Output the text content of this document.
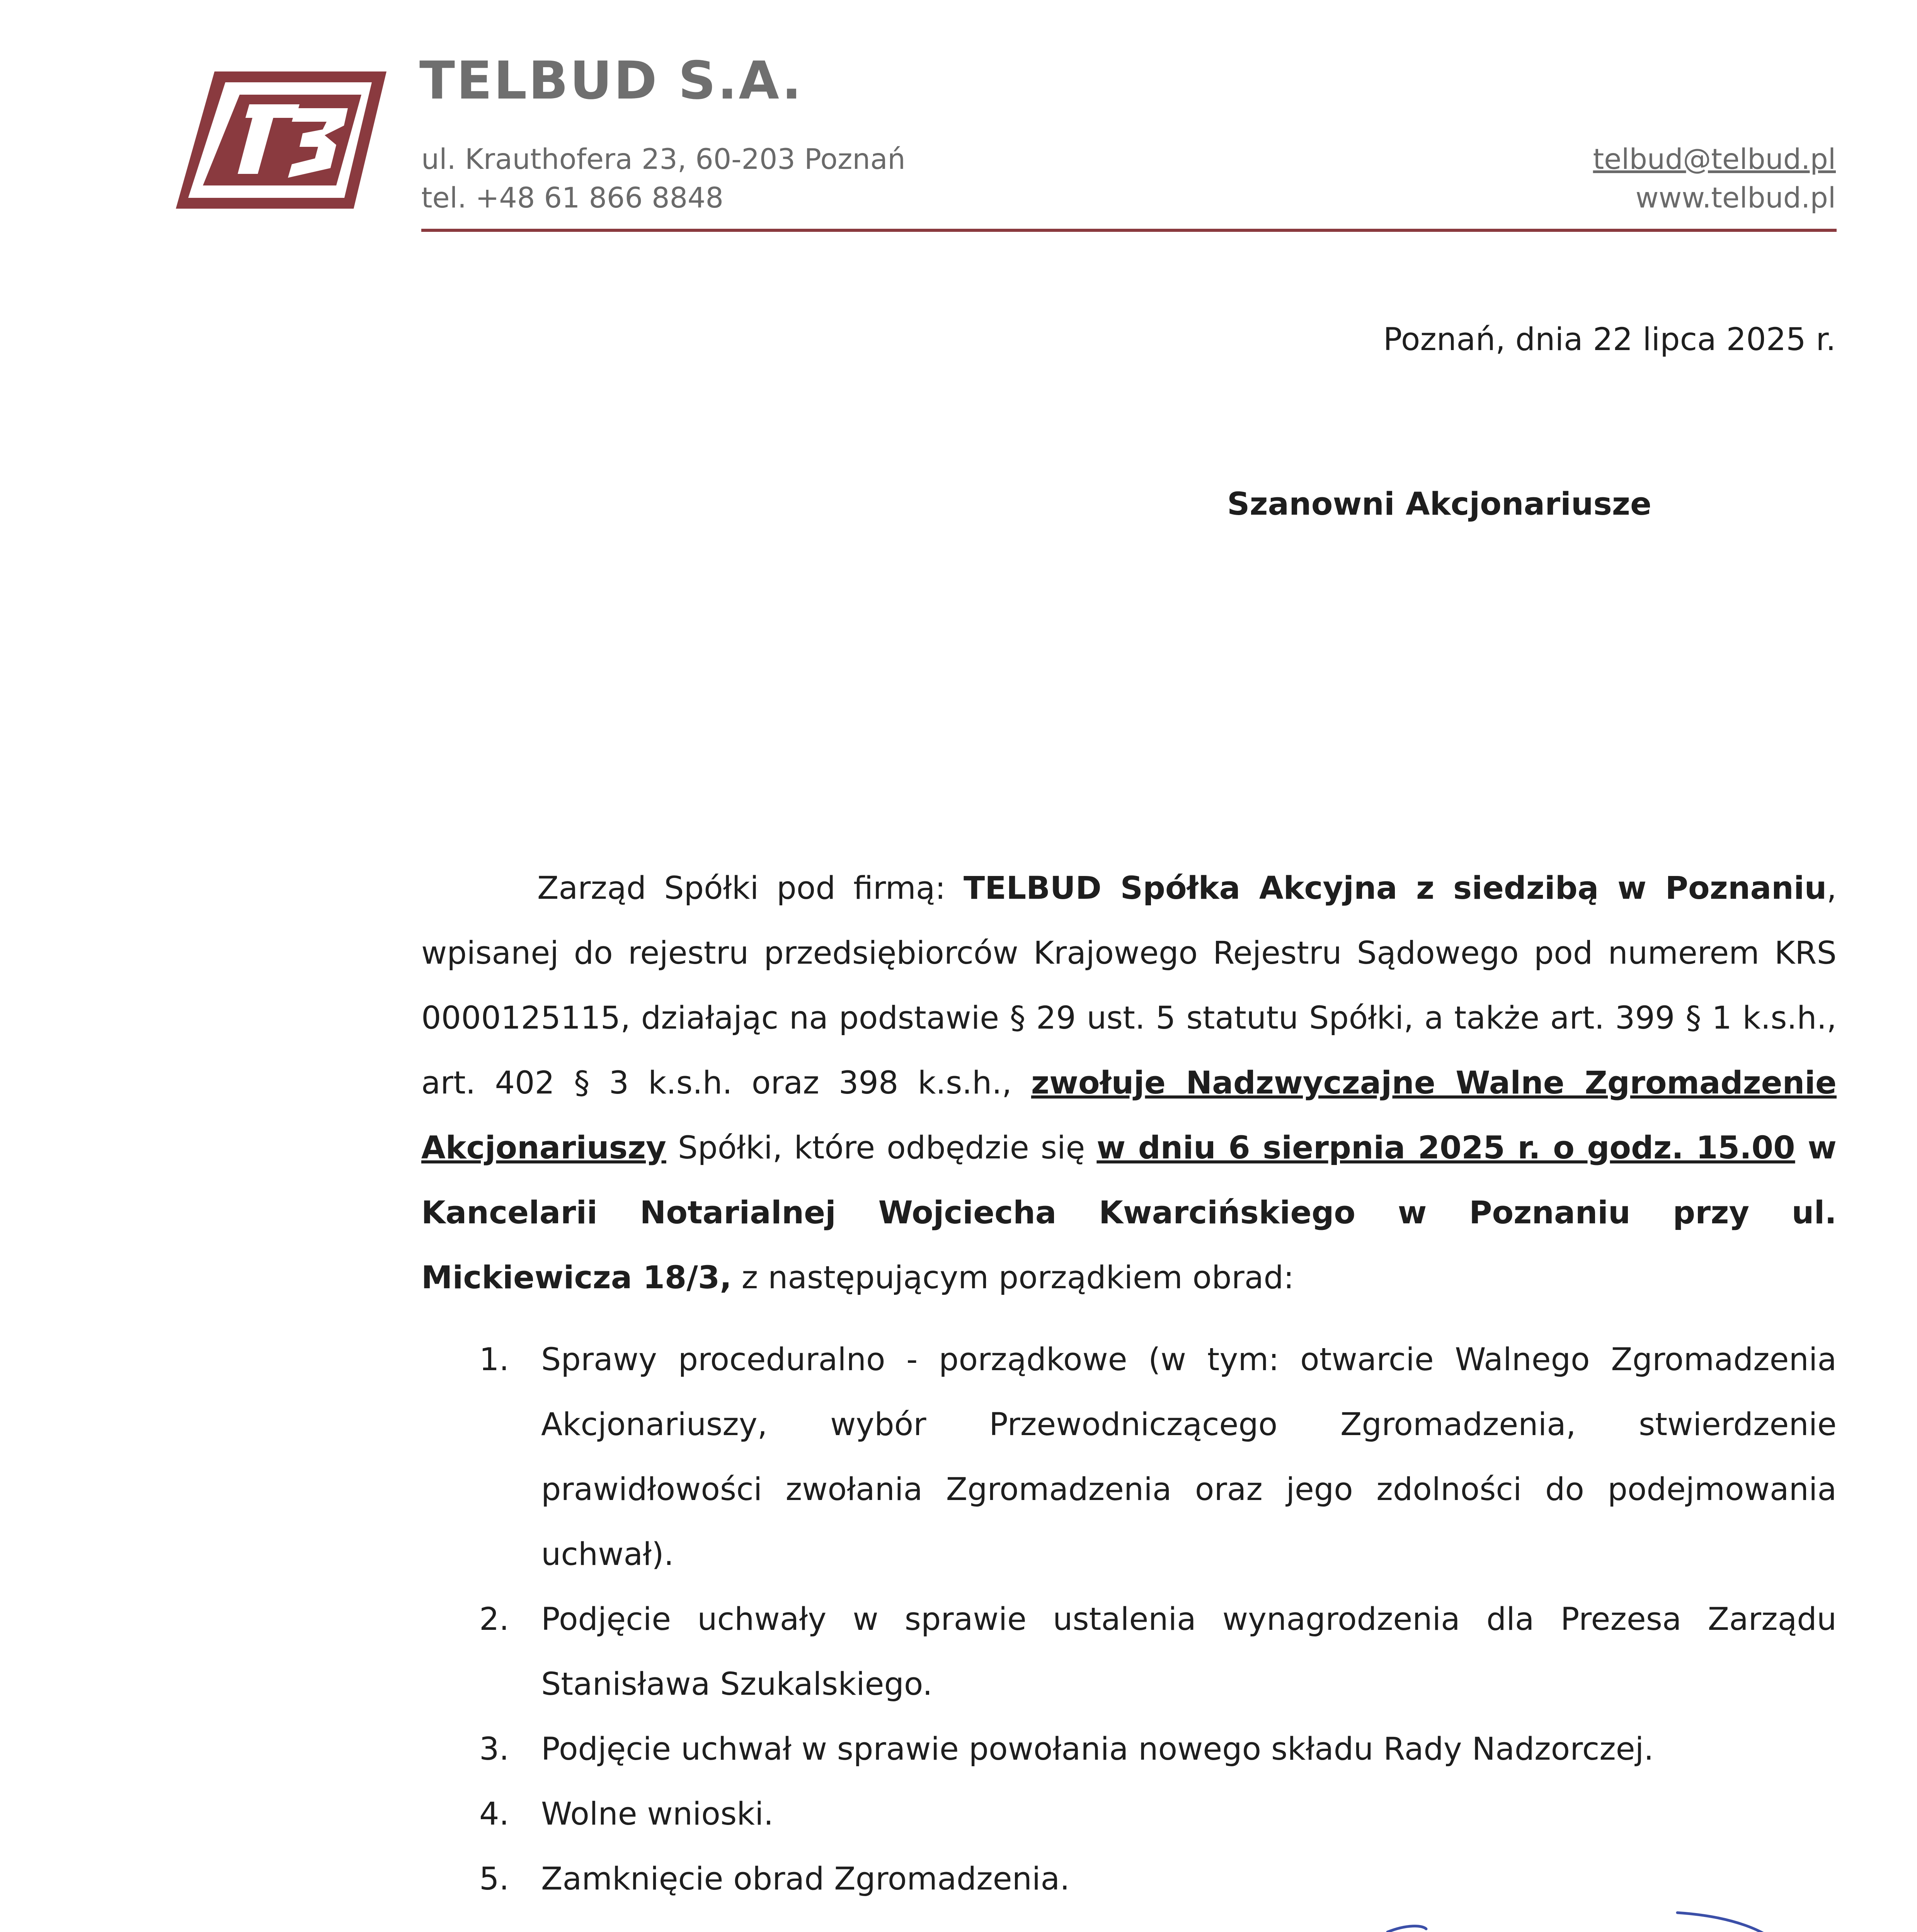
TELBUD S.A.
ul. Krauthofera 23, 60-203 Poznań
tel. +48 61 866 8848
telbud@telbud.pl
www.telbud.pl
Poznań, dnia 22 lipca 2025 r.
Szanowni Akcjonariusze

Zarząd Spółki pod firmą: TELBUD Spółka Akcyjna z siedzibą w Poznaniu, wpisanej do rejestru przedsiębiorców Krajowego Rejestru Sądowego pod numerem KRS 0000125115, działając na podstawie § 29 ust. 5 statutu Spółki, a także art. 399 § 1 k.s.h., art. 402 § 3 k.s.h. oraz 398 k.s.h., zwołuje Nadzwyczajne Walne Zgromadzenie Akcjonariuszy Spółki, które odbędzie się w dniu 6 sierpnia 2025 r. o godz. 15.00 w Kancelarii Notarialnej Wojciecha Kwarcińskiego w Poznaniu przy ul. Mickiewicza 18/3, z następującym porządkiem obrad:

1. Sprawy proceduralno - porządkowe (w tym: otwarcie Walnego Zgromadzenia Akcjonariuszy, wybór Przewodniczącego Zgromadzenia, stwierdzenie prawidłowości zwołania Zgromadzenia oraz jego zdolności do podejmowania uchwał).
2. Podjęcie uchwały w sprawie ustalenia wynagrodzenia dla Prezesa Zarządu Stanisława Szukalskiego.
3. Podjęcie uchwał w sprawie powołania nowego składu Rady Nadzorczej.
4. Wolne wnioski.
5. Zamknięcie obrad Zgromadzenia.
